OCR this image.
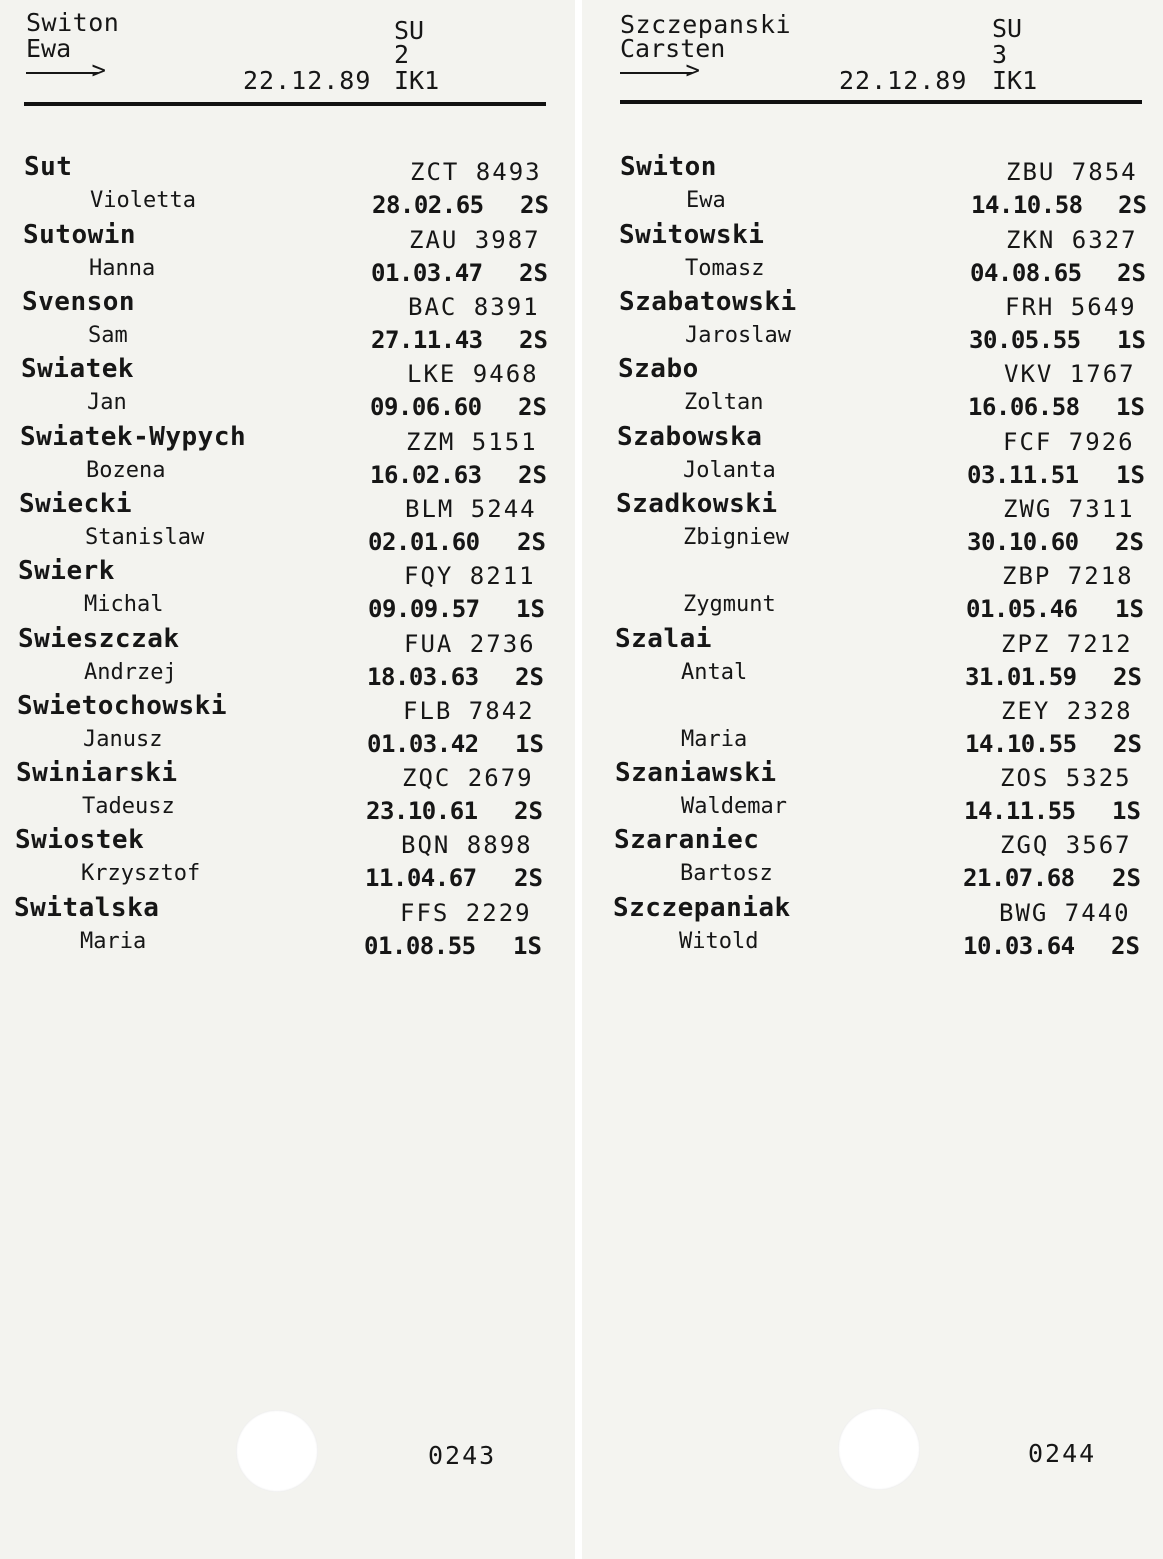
Switon
Ewa
>
SU
2
22.12.89 IK1
Sut
Violetta
ZCT 8493
28.02.65 2S
Sutowin
Hanna
ZAU 3987
01.03.47 2S
Svenson
Sam
BAC 8391
27.11.43 2S
Swiatek
Jan
LKE 9468
09.06.60 2S
Swiatek-Wypych
Bozena
ZZM 5151
16.02.63 2S
Swiecki
Stanislaw
BLM 5244
02.01.60 2S
Swierk
Michal
FQY 8211
09.09.57 1S
Swieszczak
Andrzej
FUA 2736
18.03.63 2S
Swietochowski
Janusz
FLB 7842
01.03.42 1S
Swiniarski
Tadeusz
ZQC 2679
23.10.61 2S
Swiostek
Krzysztof
BQN 8898
11.04.67 2S
Switalska
Maria
FFS 2229
01.08.55 1S
0243
Szczepanski
Carsten
>
SU
3
22.12.89 IK1
Switon
Ewa
ZBU 7854
14.10.58 2S
Switowski
Tomasz
ZKN 6327
04.08.65 2S
Szabatowski
Jaroslaw
FRH 5649
30.05.55 1S
Szabo
Zoltan
VKV 1767
16.06.58 1S
Szabowska
Jolanta
FCF 7926
03.11.51 1S
Szadkowski
Zbigniew
ZWG 7311
30.10.60 2S
Zygmunt
ZBP 7218
01.05.46 1S
Szalai
Antal
ZPZ 7212
31.01.59 2S
Maria
ZEY 2328
14.10.55 2S
Szaniawski
Waldemar
ZOS 5325
14.11.55 1S
Szaraniec
Bartosz
ZGQ 3567
21.07.68 2S
Szczepaniak
Witold
BWG 7440
10.03.64 2S
0244
